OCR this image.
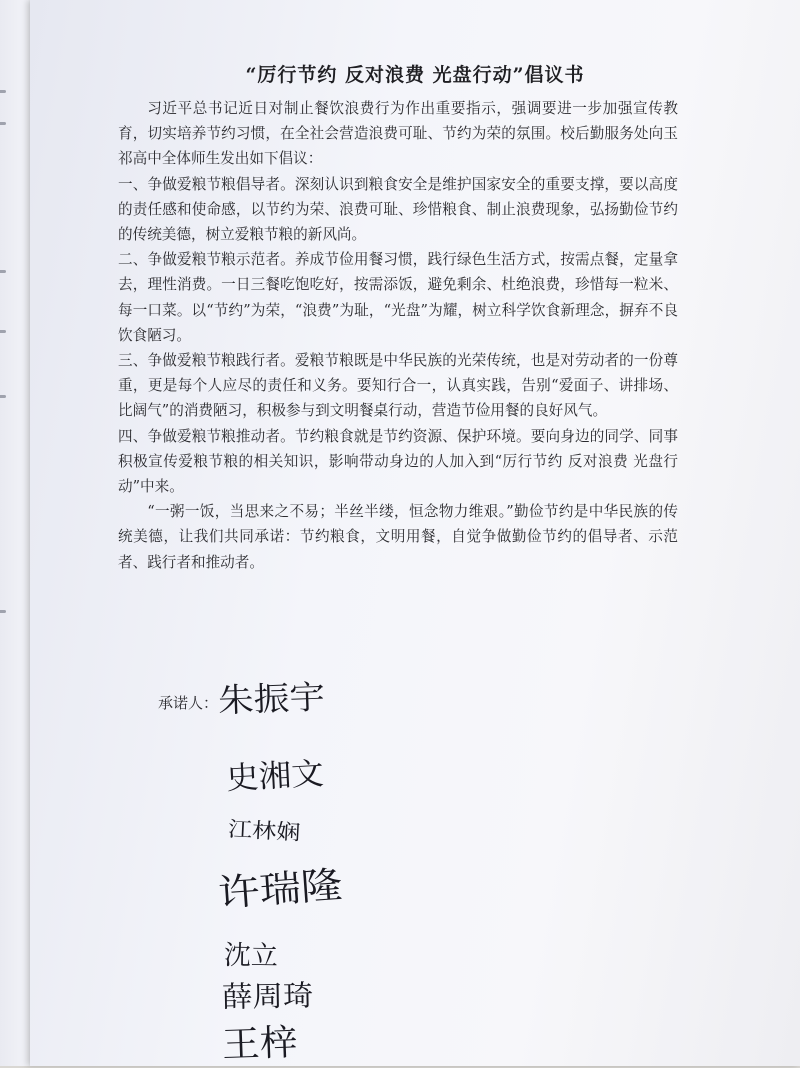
“厉行节约 反对浪费 光盘行动”倡议书

习近平总书记近日对制止餐饮浪费行为作出重要指示，强调要进一步加强宣传教育，切实培养节约习惯，在全社会营造浪费可耻、节约为荣的氛围。校后勤服务处向玉祁高中全体师生发出如下倡议：

一、争做爱粮节粮倡导者。深刻认识到粮食安全是维护国家安全的重要支撑，要以高度的责任感和使命感，以节约为荣、浪费可耻、珍惜粮食、制止浪费现象，弘扬勤俭节约的传统美德，树立爱粮节粮的新风尚。

二、争做爱粮节粮示范者。养成节俭用餐习惯，践行绿色生活方式，按需点餐，定量拿去，理性消费。一日三餐吃饱吃好，按需添饭，避免剩余、杜绝浪费，珍惜每一粒米、每一口菜。以“节约”为荣，“浪费”为耻，“光盘”为耀，树立科学饮食新理念，摒弃不良饮食陋习。

三、争做爱粮节粮践行者。爱粮节粮既是中华民族的光荣传统，也是对劳动者的一份尊重，更是每个人应尽的责任和义务。要知行合一，认真实践，告别“爱面子、讲排场、比阔气”的消费陋习，积极参与到文明餐桌行动，营造节俭用餐的良好风气。

四、争做爱粮节粮推动者。节约粮食就是节约资源、保护环境。要向身边的同学、同事积极宣传爱粮节粮的相关知识，影响带动身边的人加入到“厉行节约 反对浪费 光盘行动”中来。

“一粥一饭，当思来之不易；半丝半缕，恒念物力维艰。”勤俭节约是中华民族的传统美德，让我们共同承诺：节约粮食，文明用餐，自觉争做勤俭节约的倡导者、示范者、践行者和推动者。

承诺人： 朱振宇
史湘文
江林娴
许瑞隆
沈立
薛周琦
王梓
